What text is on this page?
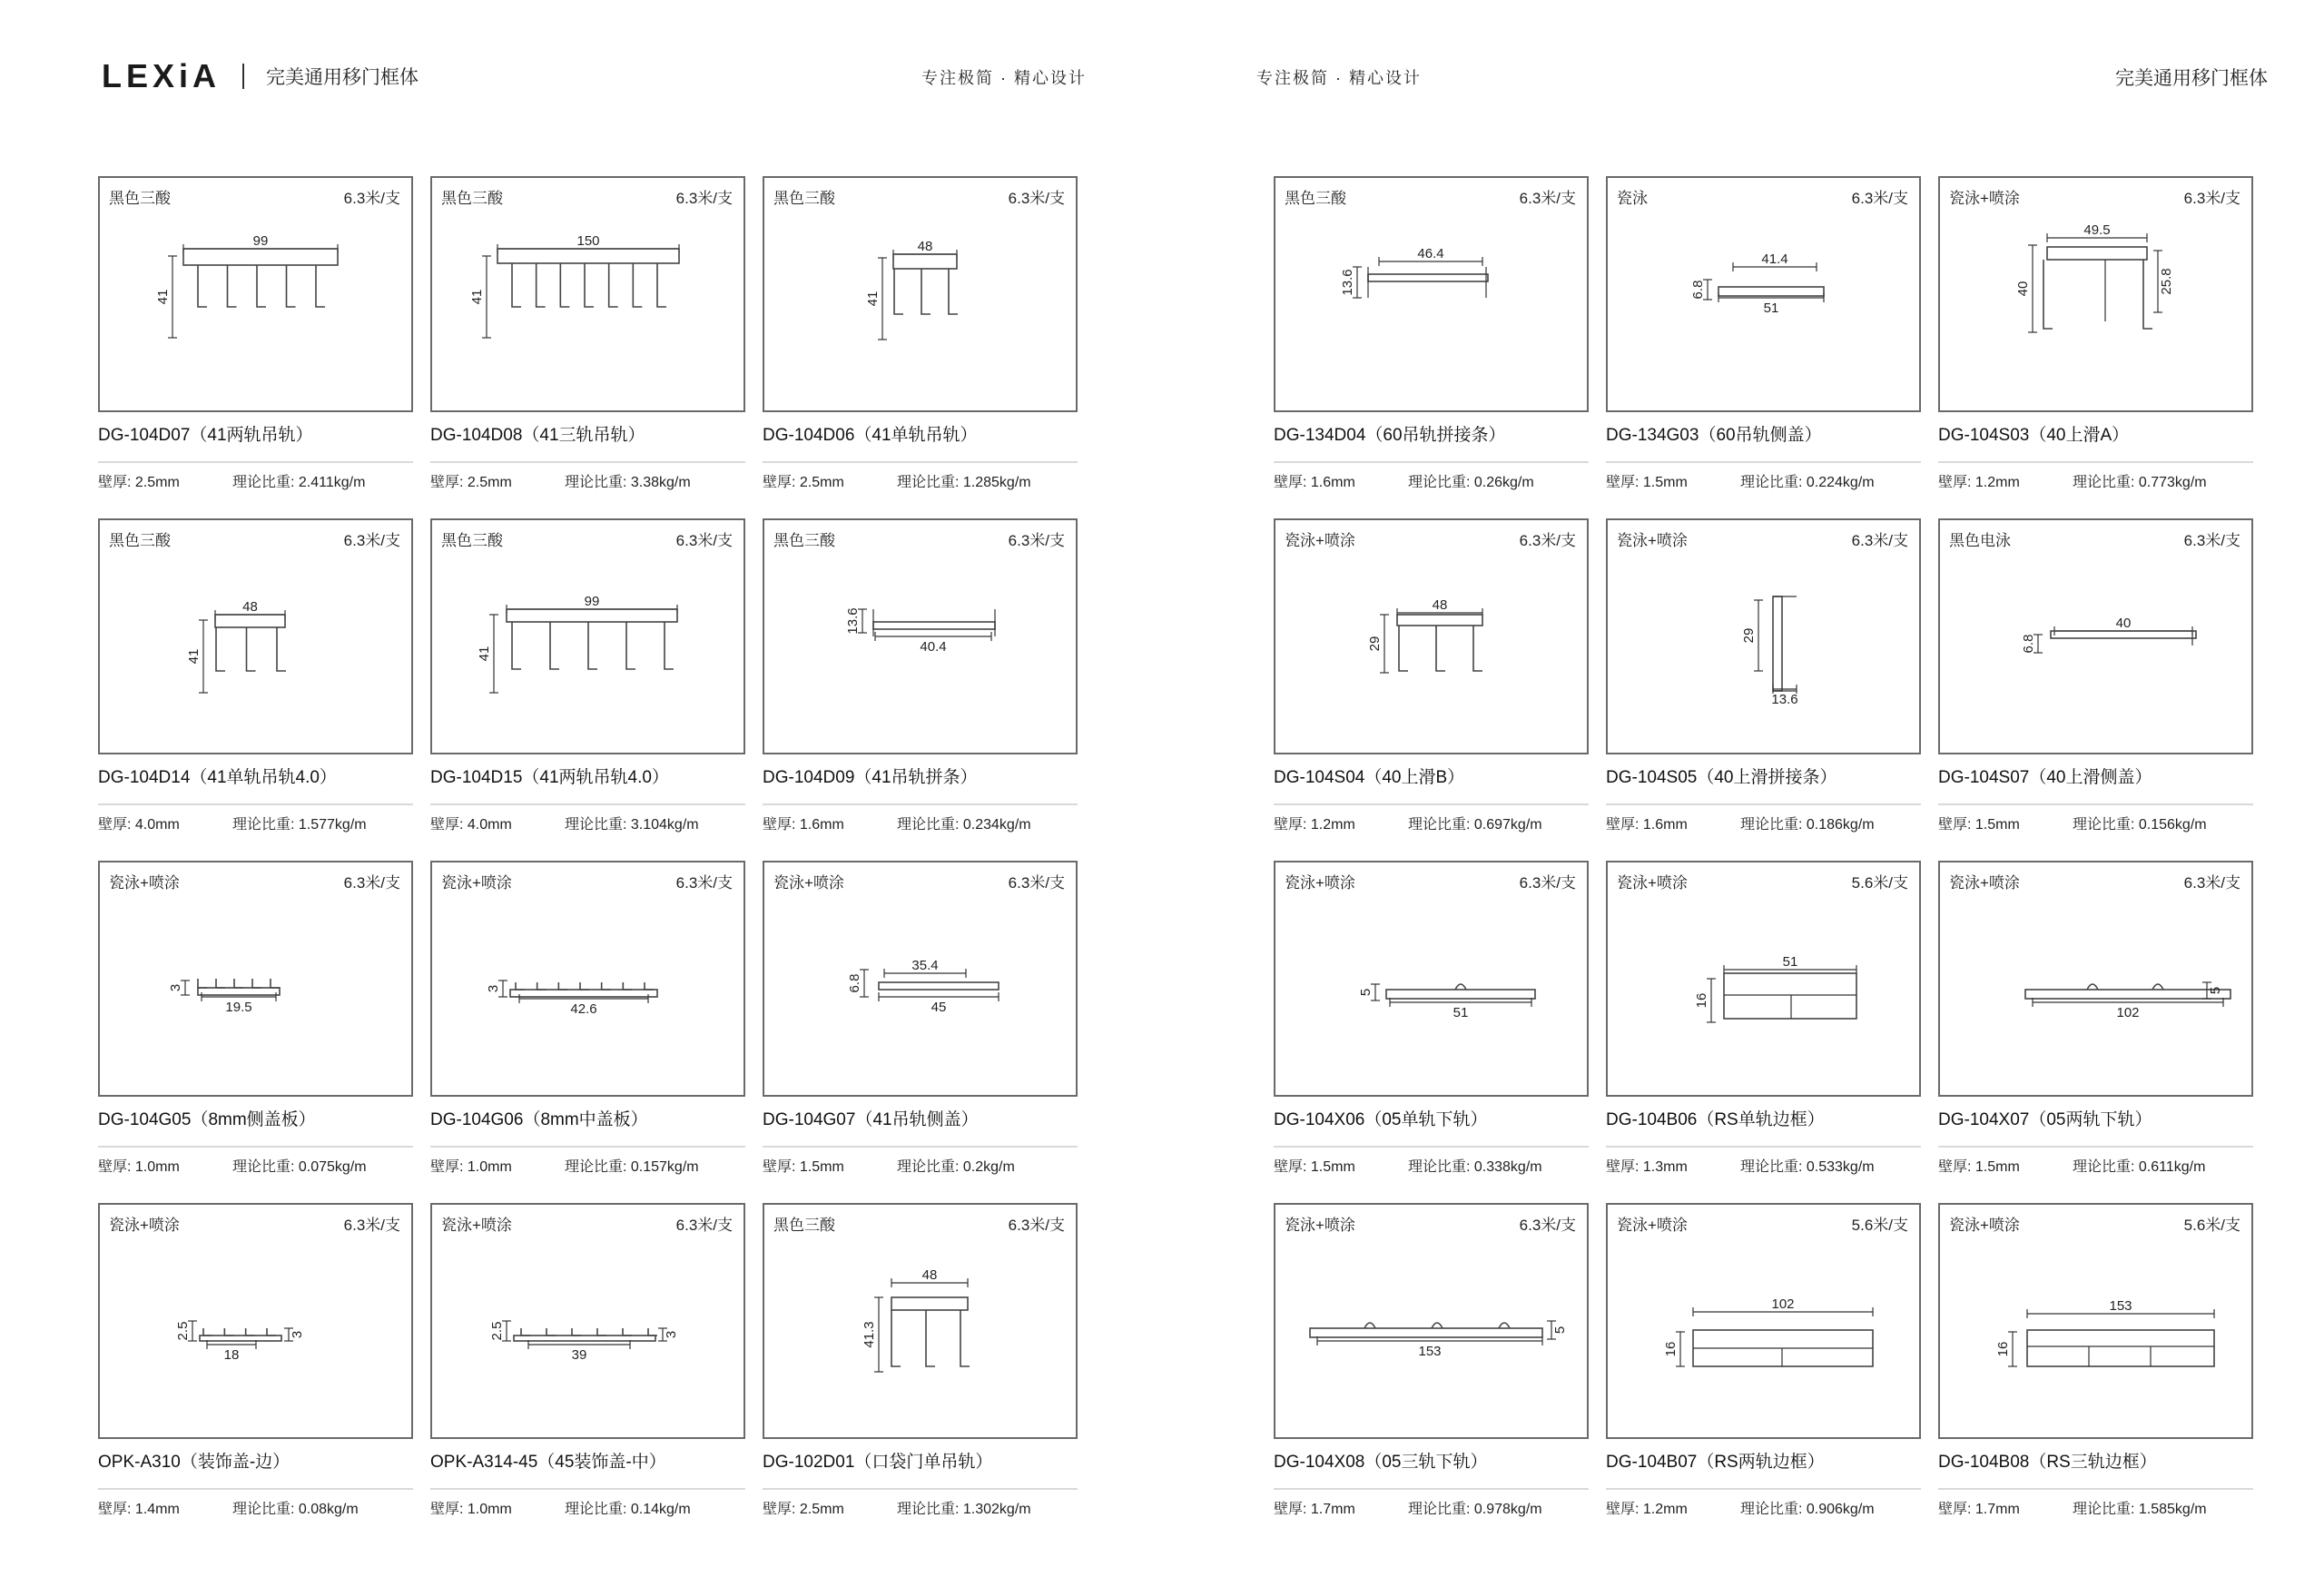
LEXiA 完美通用移门框体	专注极简 · 精心设计	专注极简 · 精心设计	完美通用移门框体
黑色三酸	6.3米/支
99
41
DG-104D07（41两轨吊轨）
壁厚: 2.5mm	理论比重: 2.411kg/m
黑色三酸	6.3米/支
150
41
DG-104D08（41三轨吊轨）
壁厚: 2.5mm	理论比重: 3.38kg/m
黑色三酸	6.3米/支
48
41
DG-104D06（41单轨吊轨）
壁厚: 2.5mm	理论比重: 1.285kg/m
黑色三酸	6.3米/支
48
41
DG-104D14（41单轨吊轨4.0）
壁厚: 4.0mm	理论比重: 1.577kg/m
黑色三酸	6.3米/支
99
41
DG-104D15（41两轨吊轨4.0）
壁厚: 4.0mm	理论比重: 3.104kg/m
黑色三酸	6.3米/支
40.4
13.6
DG-104D09（41吊轨拼条）
壁厚: 1.6mm	理论比重: 0.234kg/m
瓷泳+喷涂	6.3米/支
19.5
3
DG-104G05（8mm侧盖板）
壁厚: 1.0mm	理论比重: 0.075kg/m
瓷泳+喷涂	6.3米/支
42.6
3
DG-104G06（8mm中盖板）
壁厚: 1.0mm	理论比重: 0.157kg/m
瓷泳+喷涂	6.3米/支
35.4
45
6.8
DG-104G07（41吊轨侧盖）
壁厚: 1.5mm	理论比重: 0.2kg/m
瓷泳+喷涂	6.3米/支
18
2.5	3
OPK-A310（装饰盖-边）
壁厚: 1.4mm	理论比重: 0.08kg/m
瓷泳+喷涂	6.3米/支
39
2.5	3
OPK-A314-45（45装饰盖-中）
壁厚: 1.0mm	理论比重: 0.14kg/m
黑色三酸	6.3米/支
48
41.3
DG-102D01（口袋门单吊轨）
壁厚: 2.5mm	理论比重: 1.302kg/m
黑色三酸	6.3米/支
46.4
13.6
DG-134D04（60吊轨拼接条）
壁厚: 1.6mm	理论比重: 0.26kg/m
瓷泳	6.3米/支
41.4
51
6.8
DG-134G03（60吊轨侧盖）
壁厚: 1.5mm	理论比重: 0.224kg/m
瓷泳+喷涂	6.3米/支
49.5
40	25.8
DG-104S03（40上滑A）
壁厚: 1.2mm	理论比重: 0.773kg/m
瓷泳+喷涂	6.3米/支
48
29
DG-104S04（40上滑B）
壁厚: 1.2mm	理论比重: 0.697kg/m
瓷泳+喷涂	6.3米/支
13.6
29
DG-104S05（40上滑拼接条）
壁厚: 1.6mm	理论比重: 0.186kg/m
黑色电泳	6.3米/支
40
6.8
DG-104S07（40上滑侧盖）
壁厚: 1.5mm	理论比重: 0.156kg/m
瓷泳+喷涂	6.3米/支
51
5
DG-104X06（05单轨下轨）
壁厚: 1.5mm	理论比重: 0.338kg/m
瓷泳+喷涂	5.6米/支
51
16
DG-104B06（RS单轨边框）
壁厚: 1.3mm	理论比重: 0.533kg/m
瓷泳+喷涂	6.3米/支
102
5
DG-104X07（05两轨下轨）
壁厚: 1.5mm	理论比重: 0.611kg/m
瓷泳+喷涂	6.3米/支
153
5
DG-104X08（05三轨下轨）
壁厚: 1.7mm	理论比重: 0.978kg/m
瓷泳+喷涂	5.6米/支
102
16
DG-104B07（RS两轨边框）
壁厚: 1.2mm	理论比重: 0.906kg/m
瓷泳+喷涂	5.6米/支
153
16
DG-104B08（RS三轨边框）
壁厚: 1.7mm	理论比重: 1.585kg/m
